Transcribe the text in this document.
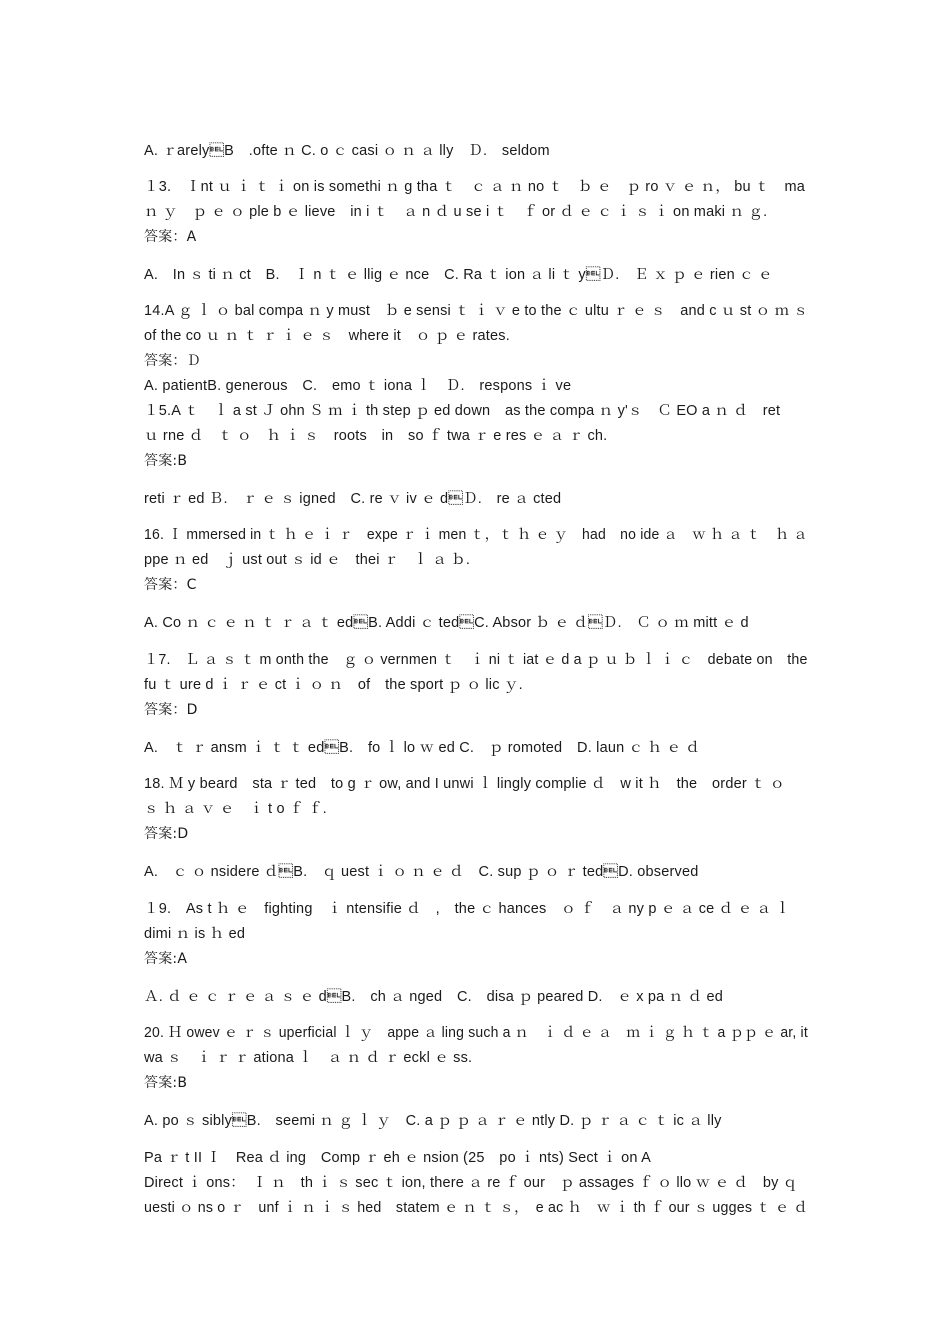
A. ｒarelyB　.ofte ｎ C. o ｃ casi ｏ ｎ ａ lly　Ｄ.　seldom
１3.　Ｉnt ｕ ｉ ｔ ｉ on is somethi ｎ g tha ｔ　ｃ ａ ｎ no ｔ　ｂ ｅ　ｐ ro ｖ ｅ ｎ， bu ｔ　ma
ｎ ｙ　ｐ ｅ ｏ ple b ｅ lieve　in i ｔ　ａ n ｄ u se i ｔ　ｆ or ｄ ｅ ｃ ｉ ｓ ｉ on maki ｎ ｇ.
答案：A
A.　In ｓ ti ｎ ct　B.　Ｉ n ｔ ｅ llig ｅ nce　C. Ra ｔ ion ａ li ｔ yＤ.　Ｅ ｘ ｐ ｅ rien ｃ ｅ
14.A ｇ ｌ ｏ bal compa ｎ y must　ｂ e sensi ｔ ｉ ｖ e to the ｃ ultu ｒ ｅ ｓ　and c ｕ st ｏ ｍ ｓ
of the co ｕ ｎ ｔ ｒ ｉ ｅ ｓ　where it　ｏ ｐ ｅ rates.
答案：Ｄ
A. patientB. generous　C.　emo ｔ iona ｌ　Ｄ.　respons ｉ ve
１5.A ｔ　ｌ a st Ｊ ohn Ｓ ｍ ｉ th step ｐ ed down　as the compa ｎ y'ｓ　Ｃ EO a ｎ ｄ　ret
ｕ rne ｄ　ｔ ｏ　ｈ ｉ ｓ　roots　in　so ｆ twa ｒ e res ｅ ａ ｒ ch.
答案:B
reti ｒ ed Ｂ.　ｒ ｅ ｓ igned　C. re ｖ iv ｅ dＤ.　re ａ cted
16. Ｉ mmersed in ｔ ｈ ｅ ｉ ｒ　expe ｒ ｉ men ｔ，ｔ ｈ ｅ ｙ　had　no ide ａ　ｗ ｈ ａ ｔ　ｈ ａ
ppe ｎ ed　ｊ ust out ｓ id ｅ　thei ｒ　ｌ ａ ｂ.
答案：C
A. Co ｎ ｃ ｅ ｎ ｔ ｒ ａ ｔ edB. Addi ｃ tedC. Absor ｂ ｅ ｄＤ.　Ｃ ｏ ｍ mitt ｅ d
１7.　Ｌ ａ ｓ ｔ m onth the　ｇ ｏ vernmen ｔ　ｉ ni ｔ iat ｅ d a ｐ ｕ ｂ ｌ ｉ ｃ　debate on　the
fu ｔ ure d ｉ ｒ ｅ ct ｉ ｏ ｎ　of　the sport ｐ ｏ lic ｙ.
答案：D
A.　ｔ ｒ ansm ｉ ｔ ｔ edB.　fo ｌ lo ｗ ed C.　ｐ romoted　D. laun ｃ ｈ ｅ ｄ
18. Ｍ y beard　sta ｒ ted　to g ｒ ow, and I unwi ｌ lingly complie ｄ　w it ｈ　the　order ｔ ｏ
ｓ ｈ ａ ｖ ｅ　ｉ t o ｆ ｆ.
答案:D
A.　ｃ ｏ nsidere ｄB.　ｑ uest ｉ ｏ ｎ ｅ ｄ　C. sup ｐ ｏ ｒ tedD. observed
１9.　As t ｈ ｅ　fighting　ｉ ntensifie ｄ　,　the ｃ hances　ｏ ｆ　ａ ny p ｅ ａ ce ｄ ｅ ａ ｌ
dimi ｎ is ｈ ed
答案:A
Ａ. ｄ ｅ ｃ ｒ ｅ ａ ｓ ｅ dB.　ch ａ nged　C.　disa ｐ peared D.　ｅ x pa ｎ ｄ ed
20. Ｈ owev ｅ ｒ ｓ uperficial ｌ ｙ　appe ａ ling such a ｎ　ｉ ｄ ｅ ａ　ｍ ｉ ｇ ｈ ｔ a ｐｐ ｅ ar, it
wa ｓ　ｉ ｒ ｒ ationa ｌ　ａ ｎ ｄ ｒ eckl ｅ ss.
答案:B
A. po ｓ siblyB.　seemi ｎ ｇ ｌ ｙ　C. a ｐ ｐ ａ ｒ ｅ ntly D. ｐ ｒ ａ ｃ ｔ ic ａ lly
Pa ｒ t II Ｉ　Rea ｄ ing　Comp ｒ eh ｅ nsion (25　po ｉ nts) Sect ｉ on A
Direct ｉ ons：　Ｉ ｎ　th ｉ ｓ sec ｔ ion, there ａ re ｆ our　ｐ assages ｆ ｏ llo ｗ ｅ ｄ　by ｑ
uesti ｏ ns o ｒ　unf ｉ ｎ ｉ ｓ hed　statem ｅ ｎ ｔ ｓ，　e ac ｈ　ｗ ｉ th ｆ our ｓ ugges ｔ ｅ ｄ
